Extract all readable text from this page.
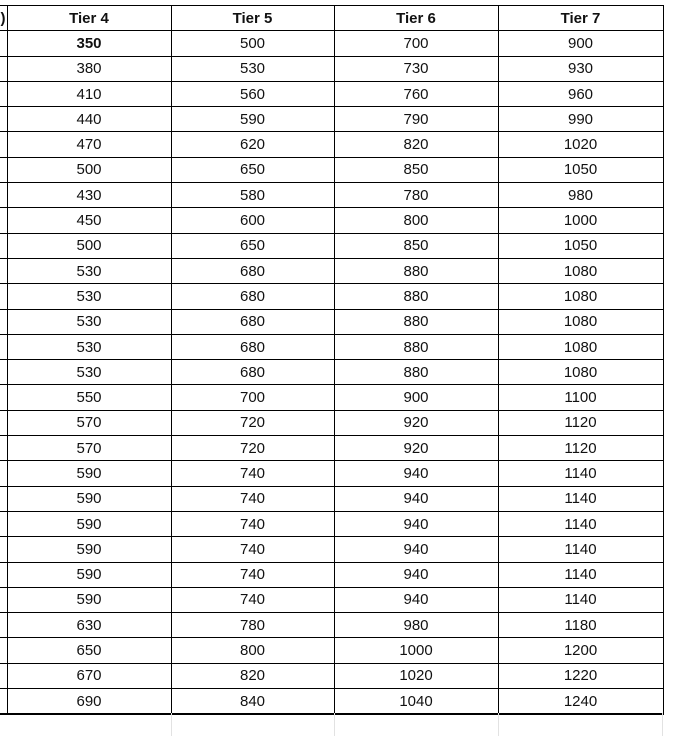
)	Tier 4	Tier 5	Tier 6	Tier 7
	350	500	700	900
	380	530	730	930
	410	560	760	960
	440	590	790	990
	470	620	820	1020
	500	650	850	1050
	430	580	780	980
	450	600	800	1000
	500	650	850	1050
	530	680	880	1080
	530	680	880	1080
	530	680	880	1080
	530	680	880	1080
	530	680	880	1080
	550	700	900	1100
	570	720	920	1120
	570	720	920	1120
	590	740	940	1140
	590	740	940	1140
	590	740	940	1140
	590	740	940	1140
	590	740	940	1140
	590	740	940	1140
	630	780	980	1180
	650	800	1000	1200
	670	820	1020	1220
	690	840	1040	1240
